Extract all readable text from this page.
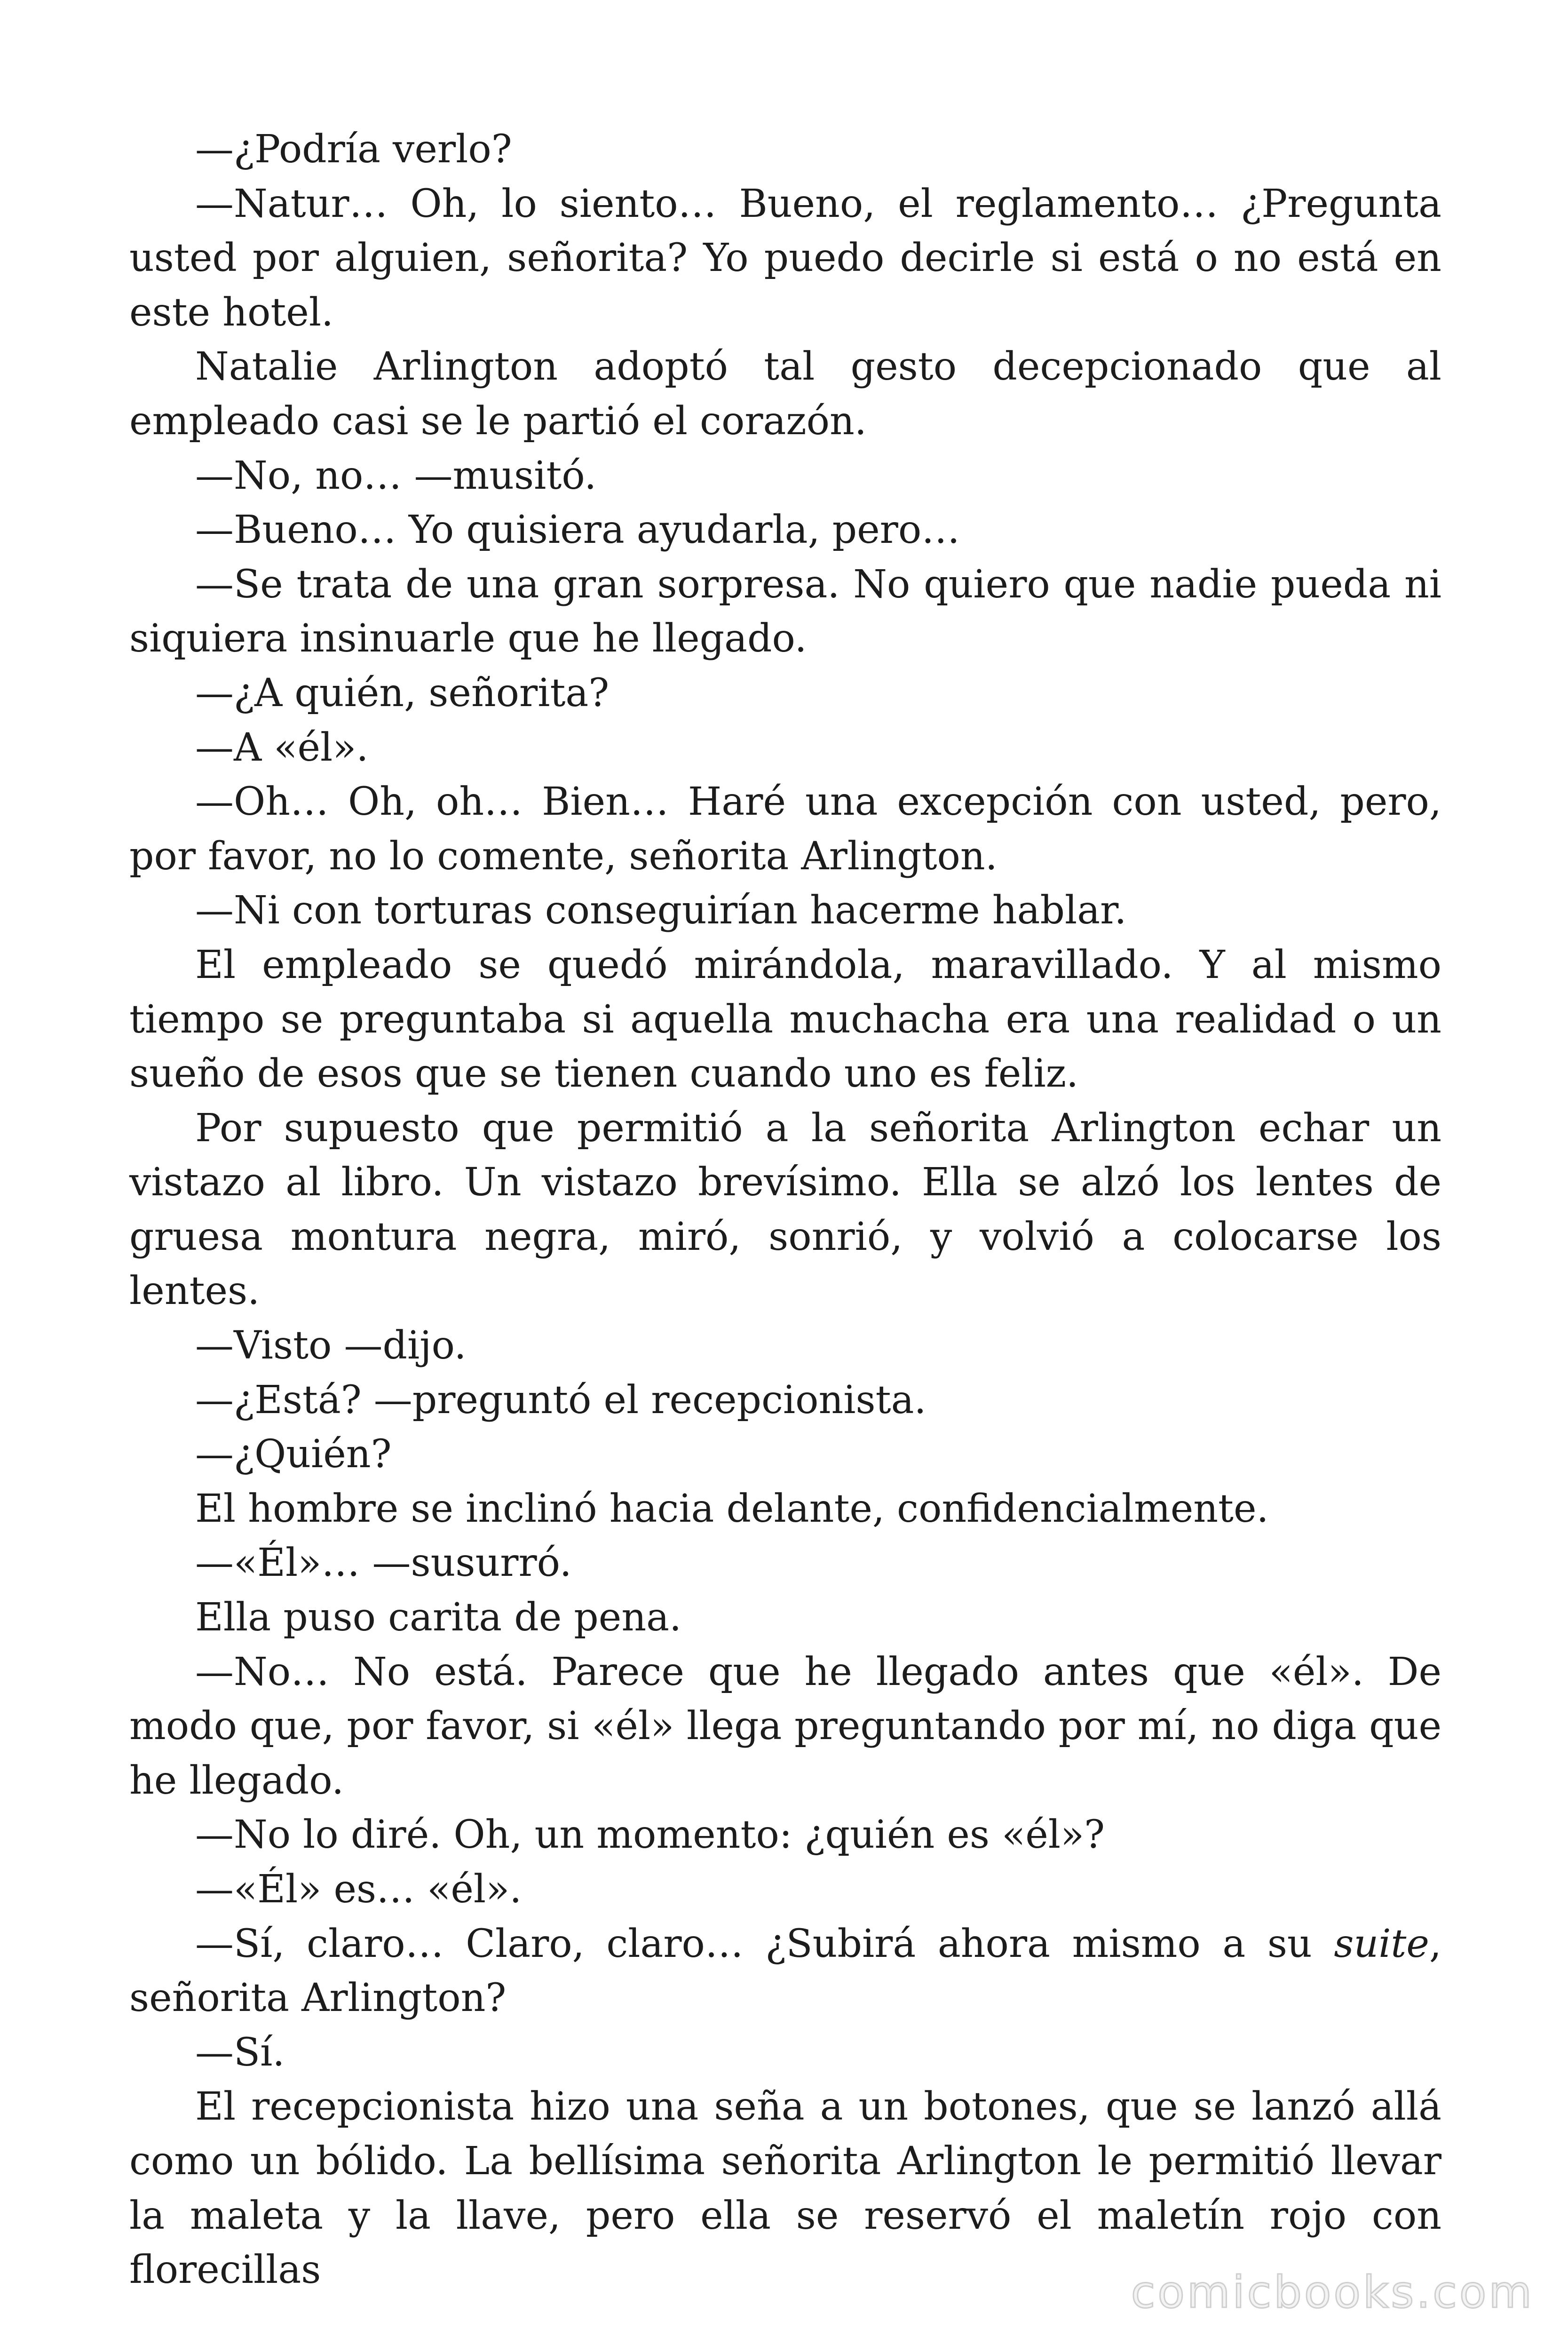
—¿Podría verlo?

—Natur… Oh, lo siento… Bueno, el reglamento… ¿Pregunta usted por alguien, señorita? Yo puedo decirle si está o no está en este hotel.

Natalie Arlington adoptó tal gesto decepcionado que al empleado casi se le partió el corazón.

—No, no… —musitó.

—Bueno… Yo quisiera ayudarla, pero…

—Se trata de una gran sorpresa. No quiero que nadie pueda ni siquiera insinuarle que he llegado.

—¿A quién, señorita?

—A «él».

—Oh… Oh, oh… Bien… Haré una excepción con usted, pero, por favor, no lo comente, señorita Arlington.

—Ni con torturas conseguirían hacerme hablar.

El empleado se quedó mirándola, maravillado. Y al mismo tiempo se preguntaba si aquella muchacha era una realidad o un sueño de esos que se tienen cuando uno es feliz.

Por supuesto que permitió a la señorita Arlington echar un vistazo al libro. Un vistazo brevísimo. Ella se alzó los lentes de gruesa montura negra, miró, sonrió, y volvió a colocarse los lentes.

—Visto —dijo.

—¿Está? —preguntó el recepcionista.

—¿Quién?

El hombre se inclinó hacia delante, confidencialmente.

—«Él»… —susurró.

Ella puso carita de pena.

—No… No está. Parece que he llegado antes que «él». De modo que, por favor, si «él» llega preguntando por mí, no diga que he llegado.

—No lo diré. Oh, un momento: ¿quién es «él»?

—«Él» es… «él».

—Sí, claro… Claro, claro… ¿Subirá ahora mismo a su suite, señorita Arlington?

—Sí.

El recepcionista hizo una seña a un botones, que se lanzó allá como un bólido. La bellísima señorita Arlington le permitió llevar la maleta y la llave, pero ella se reservó el maletín rojo con florecillas	comicbooks.com
